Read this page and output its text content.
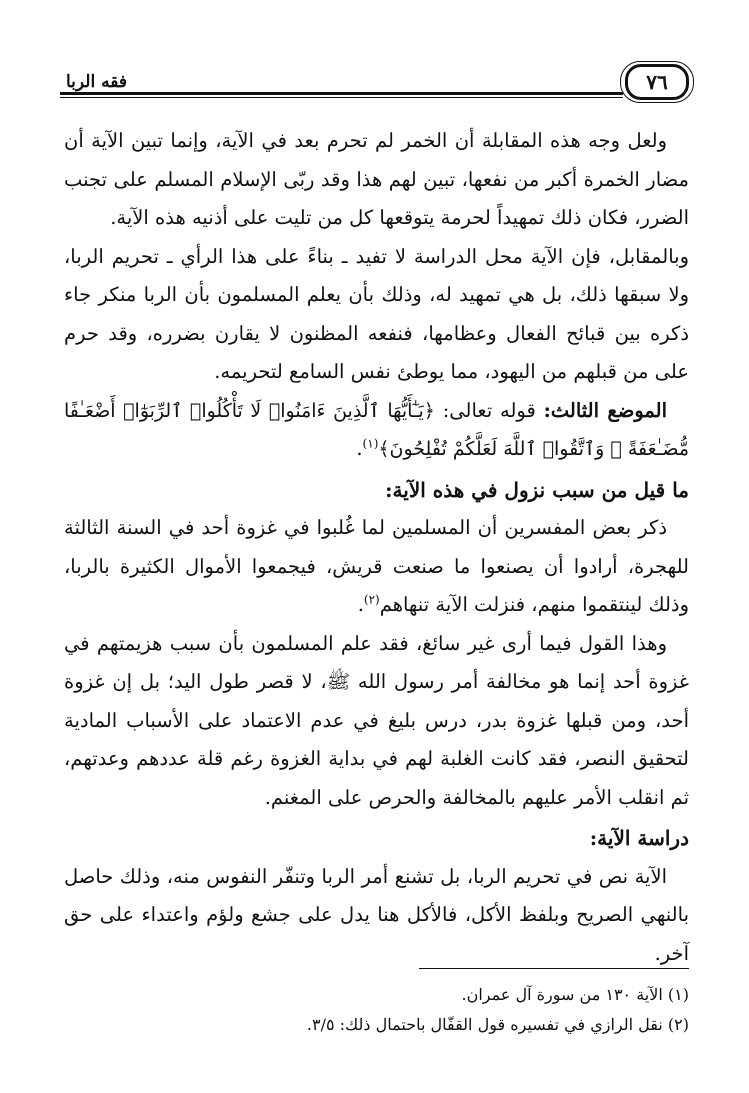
فقه الربا	٧٦

ولعل وجه هذه المقابلة أن الخمر لم تحرم بعد في الآية، وإنما تبين الآية أن مضار الخمرة أكبر من نفعها، تبين لهم هذا وقد ربّى الإسلام المسلم على تجنب الضرر، فكان ذلك تمهيداً لحرمة يتوقعها كل من تليت على أذنيه هذه الآية.

وبالمقابل، فإن الآية محل الدراسة لا تفيد ـ بناءً على هذا الرأي ـ تحريم الربا، ولا سبقها ذلك، بل هي تمهيد له، وذلك بأن يعلم المسلمون بأن الربا منكر جاء ذكره بين قبائح الفعال وعظامها، فنفعه المظنون لا يقارن بضرره، وقد حرم على من قبلهم من اليهود، مما يوطئ نفس السامع لتحريمه.

الموضع الثالث: قوله تعالى: ﴿يَـٰٓأَيُّهَا ٱلَّذِينَ ءَامَنُوا۟ لَا تَأْكُلُوا۟ ٱلرِّبَوٰٓا۟ أَضْعَـٰفًا مُّضَـٰعَفَةً ۖ وَٱتَّقُوا۟ ٱللَّهَ لَعَلَّكُمْ تُفْلِحُونَ﴾$^{(١)}$.

ما قيل من سبب نزول في هذه الآية:

ذكر بعض المفسرين أن المسلمين لما غُلبوا في غزوة أحد في السنة الثالثة للهجرة، أرادوا أن يصنعوا ما صنعت قريش، فيجمعوا الأموال الكثيرة بالربا، وذلك لينتقموا منهم، فنزلت الآية تنهاهم$^{(٢)}$.

وهذا القول فيما أرى غير سائغ، فقد علم المسلمون بأن سبب هزيمتهم في غزوة أحد إنما هو مخالفة أمر رسول الله ﷺ، لا قصر طول اليد؛ بل إن غزوة أحد، ومن قبلها غزوة بدر، درس بليغ في عدم الاعتماد على الأسباب المادية لتحقيق النصر، فقد كانت الغلبة لهم في بداية الغزوة رغم قلة عددهم وعدتهم، ثم انقلب الأمر عليهم بالمخالفة والحرص على المغنم.

دراسة الآية:

الآية نص في تحريم الربا، بل تشنع أمر الربا وتنفّر النفوس منه، وذلك حاصل بالنهي الصريح وبلفظ الأكل، فالأكل هنا يدل على جشع ولؤم واعتداء على حق آخر.

(١) الآية ١٣٠ من سورة آل عمران.

(٢) نقل الرازي في تفسيره قول القفّال باحتمال ذلك: ٣/٥.
